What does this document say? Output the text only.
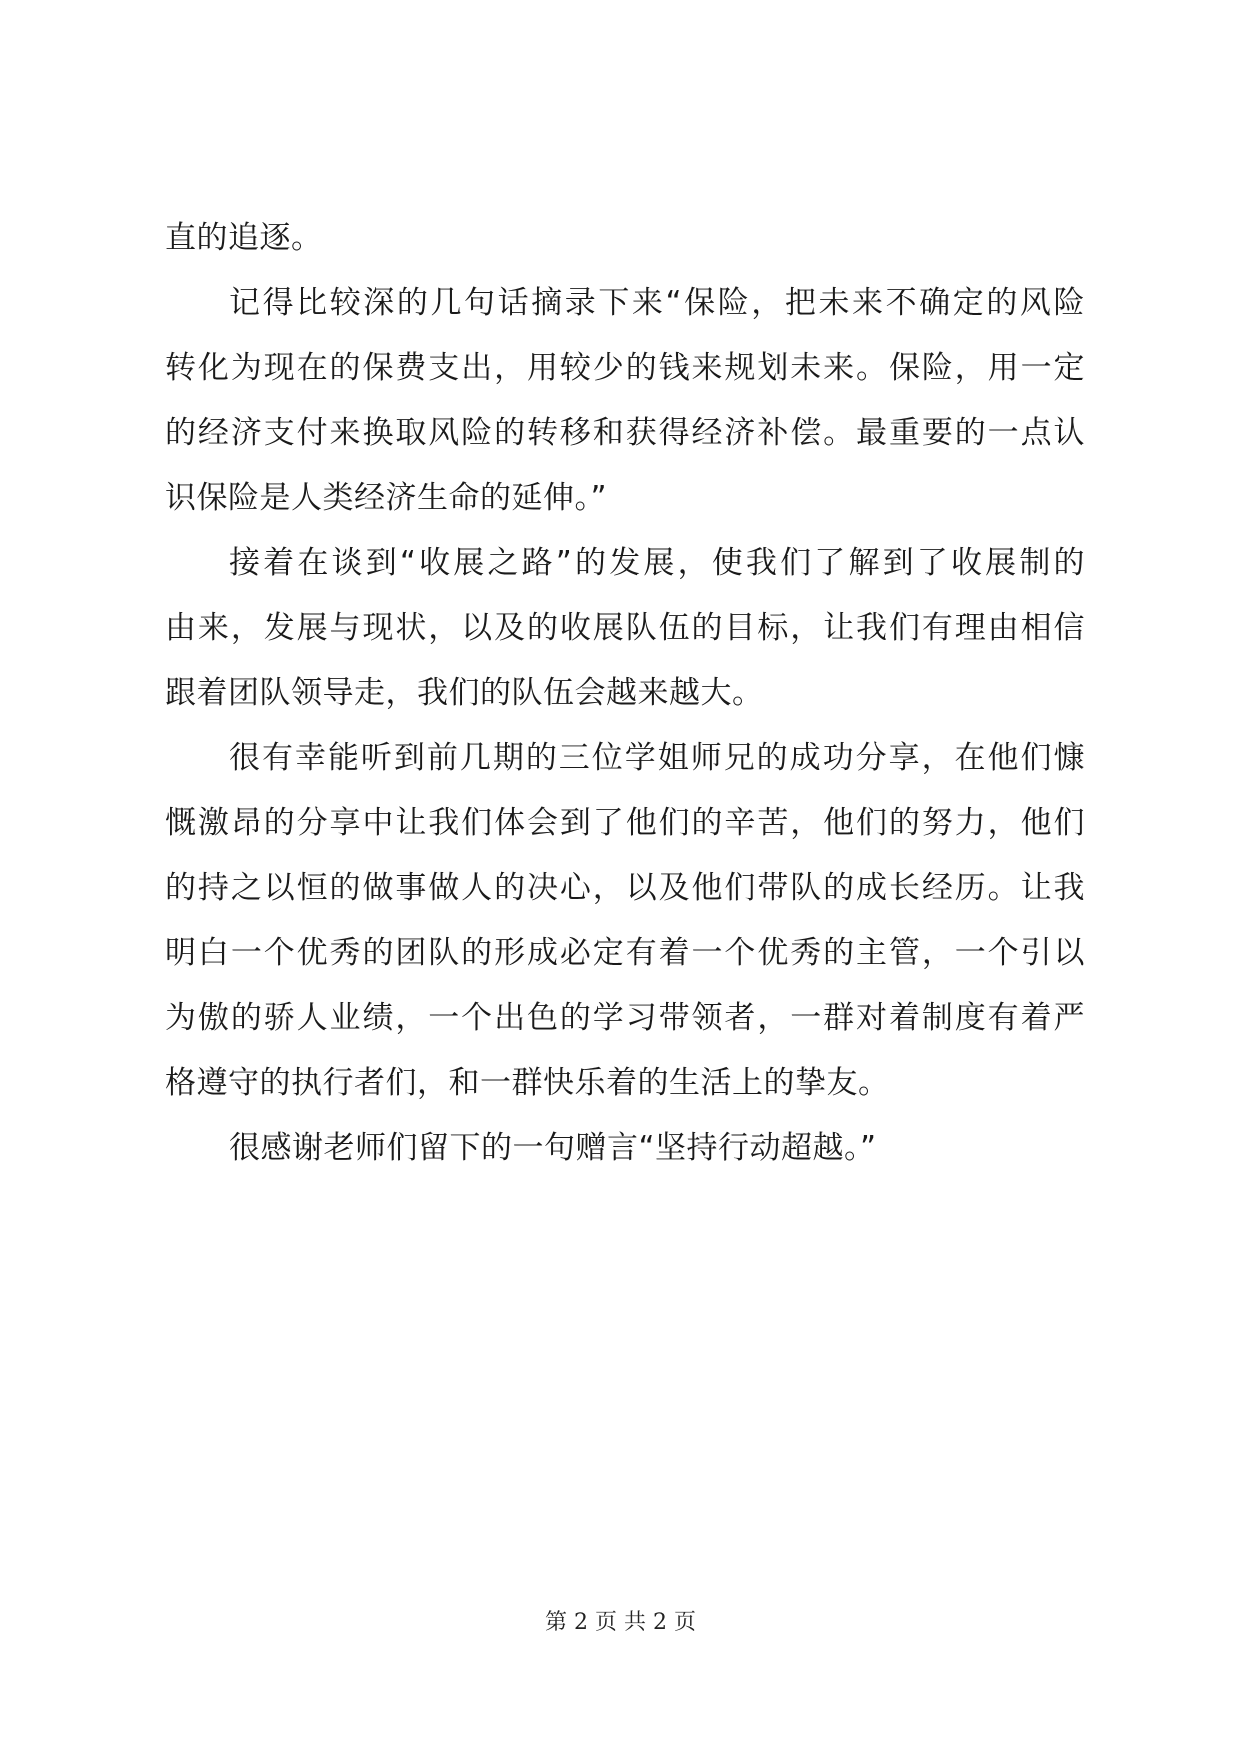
直的追逐。
记得比较深的几句话摘录下来“保险，把未来不确定的风险
转化为现在的保费支出，用较少的钱来规划未来。保险，用一定
的经济支付来换取风险的转移和获得经济补偿。最重要的一点认
识保险是人类经济生命的延伸。”
接着在谈到“收展之路”的发展，使我们了解到了收展制的
由来，发展与现状，以及的收展队伍的目标，让我们有理由相信
跟着团队领导走，我们的队伍会越来越大。
很有幸能听到前几期的三位学姐师兄的成功分享，在他们慷
慨激昂的分享中让我们体会到了他们的辛苦，他们的努力，他们
的持之以恒的做事做人的决心，以及他们带队的成长经历。让我
明白一个优秀的团队的形成必定有着一个优秀的主管，一个引以
为傲的骄人业绩，一个出色的学习带领者，一群对着制度有着严
格遵守的执行者们，和一群快乐着的生活上的挚友。
很感谢老师们留下的一句赠言“坚持行动超越。”
第 2 页 共 2 页
